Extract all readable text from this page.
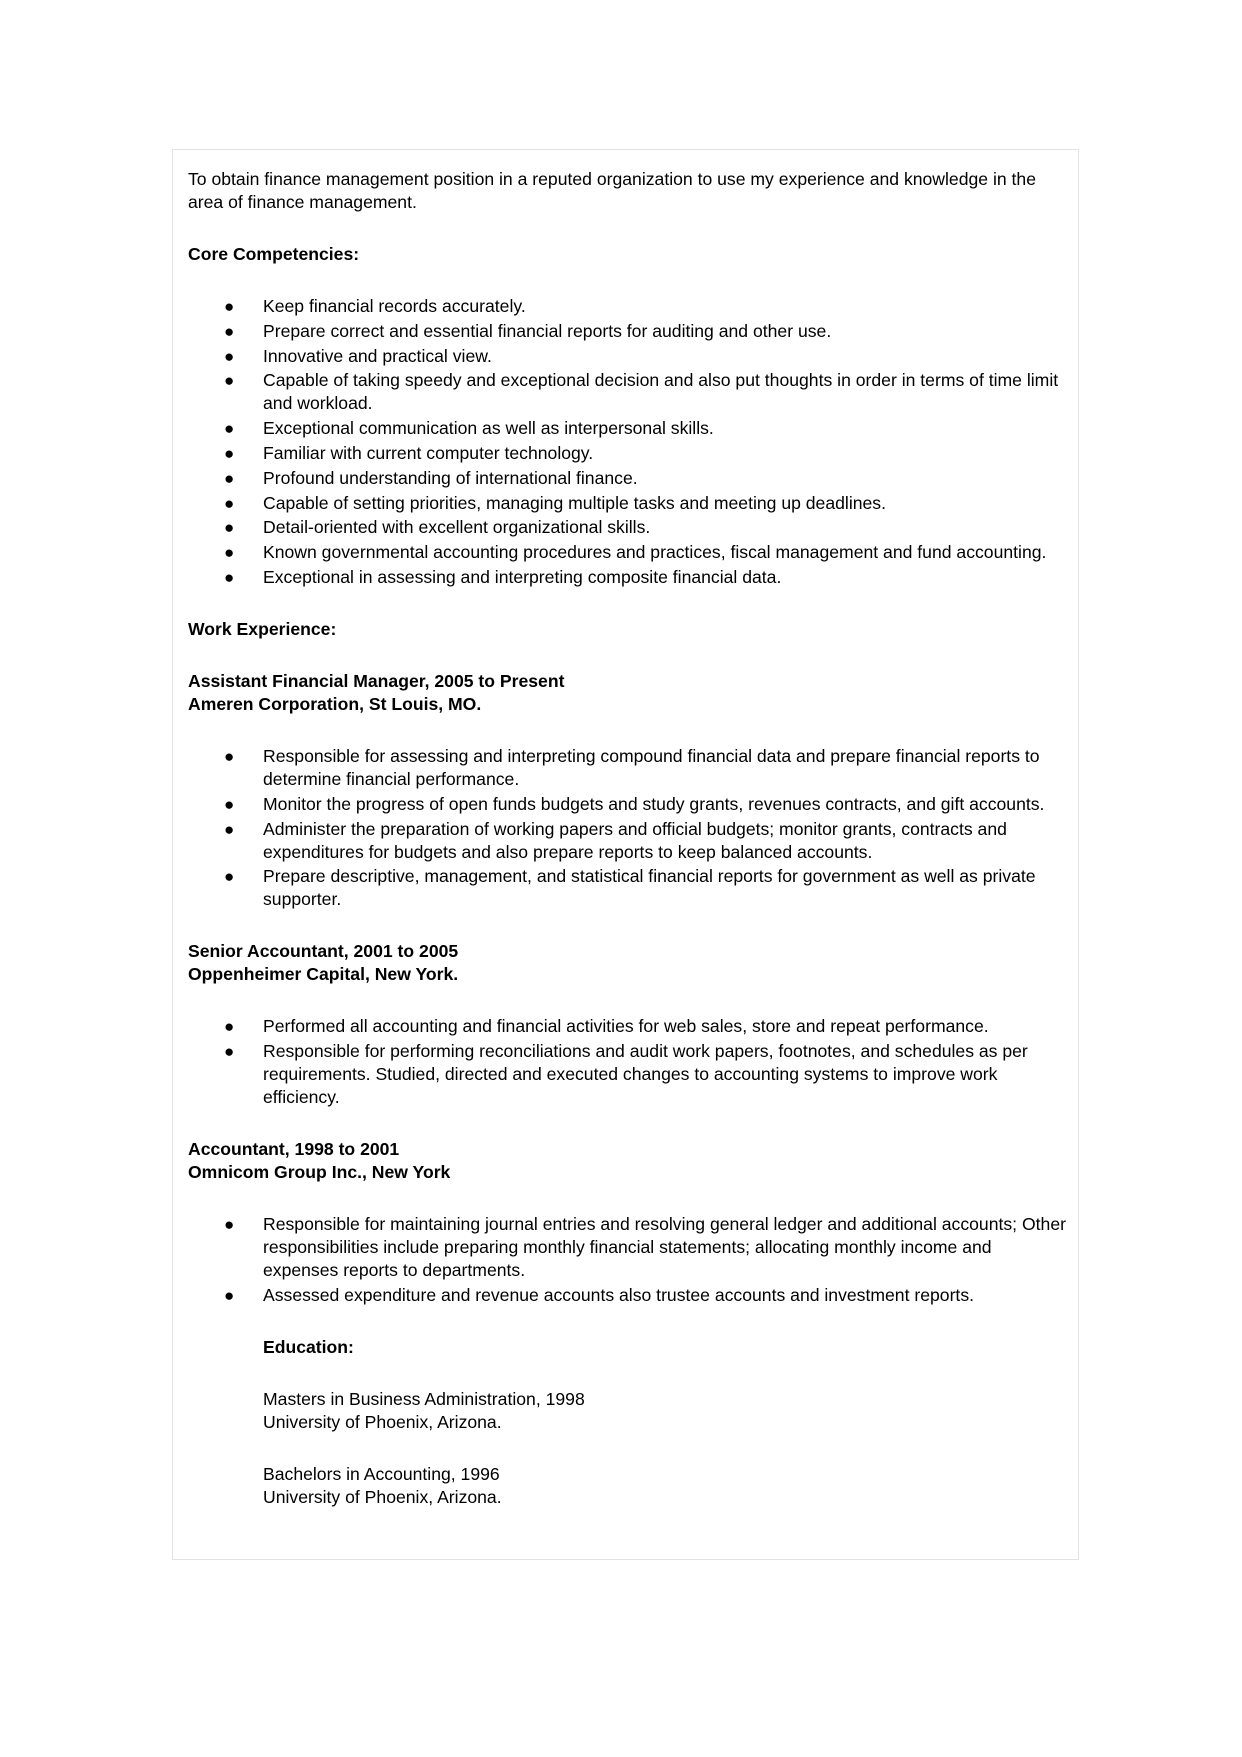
To obtain finance management position in a reputed organization to use my experience and knowledge in the area of finance management.

Core Competencies:

● Keep financial records accurately.
● Prepare correct and essential financial reports for auditing and other use.
● Innovative and practical view.
● Capable of taking speedy and exceptional decision and also put thoughts in order in terms of time limit and workload.
● Exceptional communication as well as interpersonal skills.
● Familiar with current computer technology.
● Profound understanding of international finance.
● Capable of setting priorities, managing multiple tasks and meeting up deadlines.
● Detail-oriented with excellent organizational skills.
● Known governmental accounting procedures and practices, fiscal management and fund accounting.
● Exceptional in assessing and interpreting composite financial data.

Work Experience:

Assistant Financial Manager, 2005 to Present
Ameren Corporation, St Louis, MO.
● Responsible for assessing and interpreting compound financial data and prepare financial reports to determine financial performance.
● Monitor the progress of open funds budgets and study grants, revenues contracts, and gift accounts.
● Administer the preparation of working papers and official budgets; monitor grants, contracts and expenditures for budgets and also prepare reports to keep balanced accounts.
● Prepare descriptive, management, and statistical financial reports for government as well as private supporter.
Senior Accountant, 2001 to 2005
Oppenheimer Capital, New York.
● Performed all accounting and financial activities for web sales, store and repeat performance.
● Responsible for performing reconciliations and audit work papers, footnotes, and schedules as per requirements. Studied, directed and executed changes to accounting systems to improve work efficiency.
Accountant, 1998 to 2001
Omnicom Group Inc., New York
● Responsible for maintaining journal entries and resolving general ledger and additional accounts; Other responsibilities include preparing monthly financial statements; allocating monthly income and expenses reports to departments.
● Assessed expenditure and revenue accounts also trustee accounts and investment reports.

Education:

Masters in Business Administration, 1998
University of Phoenix, Arizona.
Bachelors in Accounting, 1996
University of Phoenix, Arizona.
